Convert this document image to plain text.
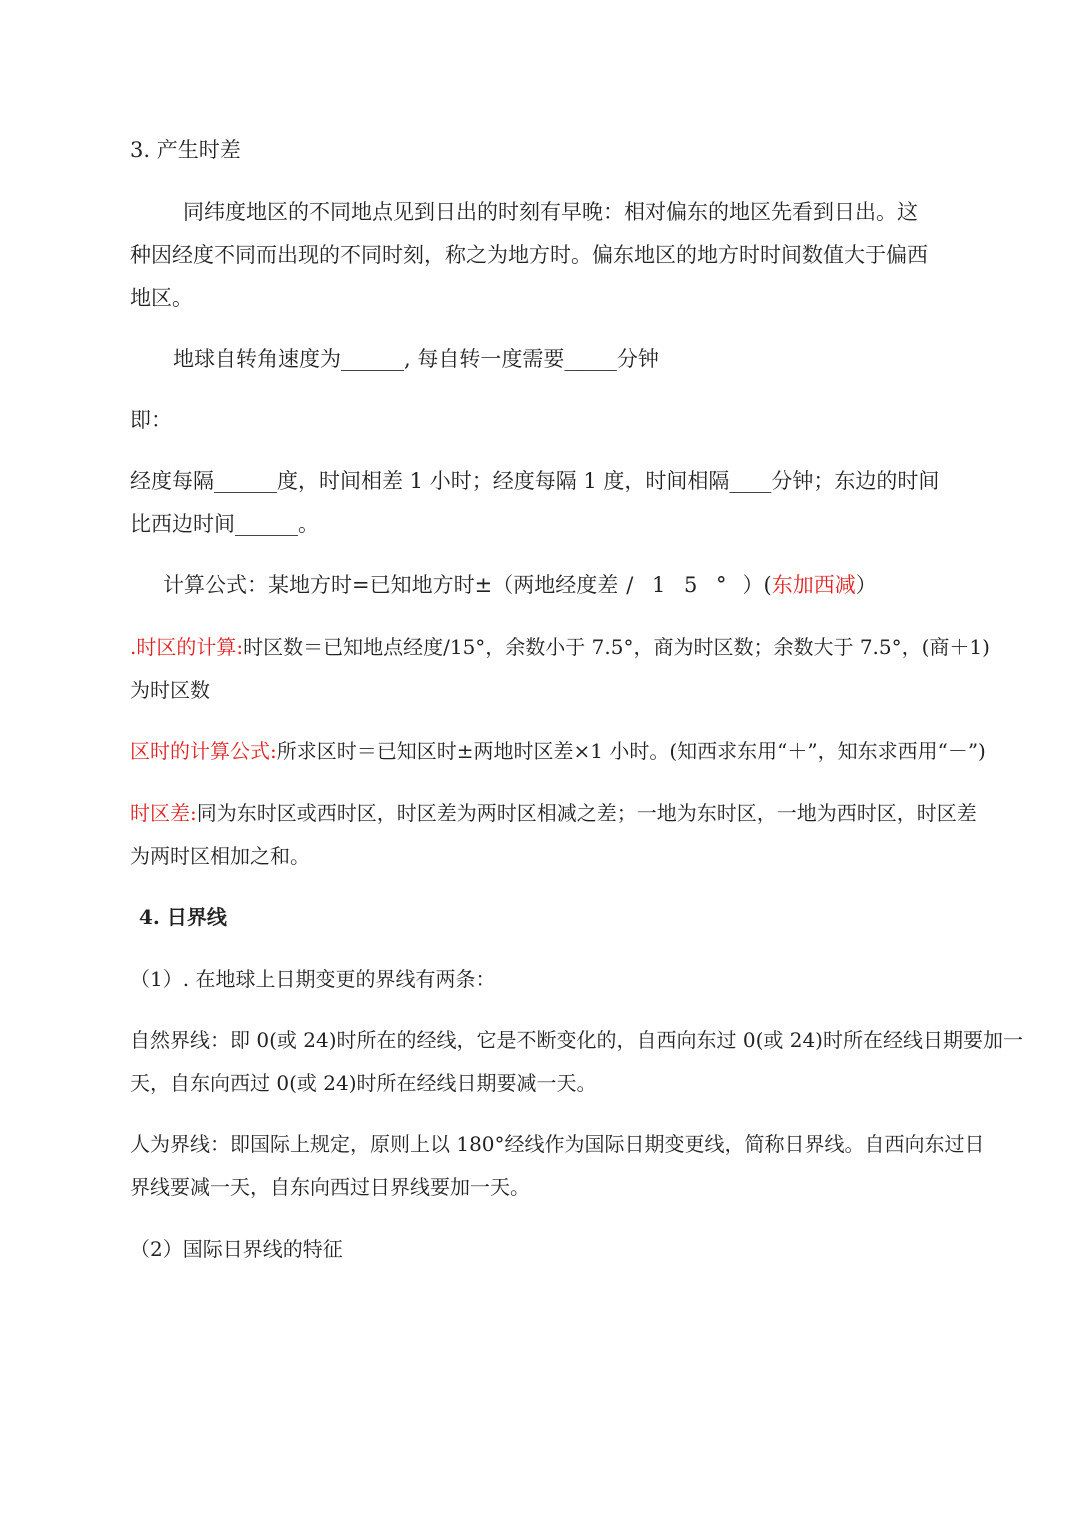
3. 产生时差
同纬度地区的不同地点见到日出的时刻有早晚：相对偏东的地区先看到日出。这
种因经度不同而出现的不同时刻，称之为地方时。偏东地区的地方时时间数值大于偏西
地区。
地球自转角速度为______, 每自转一度需要_____分钟
即：
经度每隔______度，时间相差 1 小时；经度每隔 1 度，时间相隔____分钟；东边的时间
比西边时间______。
计算公式：某地方时=已知地方时±（两地经度差 / 1 5 ° ）(东加西减）
.时区的计算:时区数＝已知地点经度/15°，余数小于 7.5°，商为时区数；余数大于 7.5°，(商＋1)
为时区数
区时的计算公式:所求区时＝已知区时±两地时区差×1 小时。(知西求东用“＋”，知东求西用“－”)
时区差:同为东时区或西时区，时区差为两时区相减之差；一地为东时区，一地为西时区，时区差
为两时区相加之和。
4. 日界线
（1）. 在地球上日期变更的界线有两条：
自然界线：即 0(或 24)时所在的经线，它是不断变化的，自西向东过 0(或 24)时所在经线日期要加一
天，自东向西过 0(或 24)时所在经线日期要减一天。
人为界线：即国际上规定，原则上以 180°经线作为国际日期变更线，简称日界线。自西向东过日
界线要减一天，自东向西过日界线要加一天。
（2）国际日界线的特征
